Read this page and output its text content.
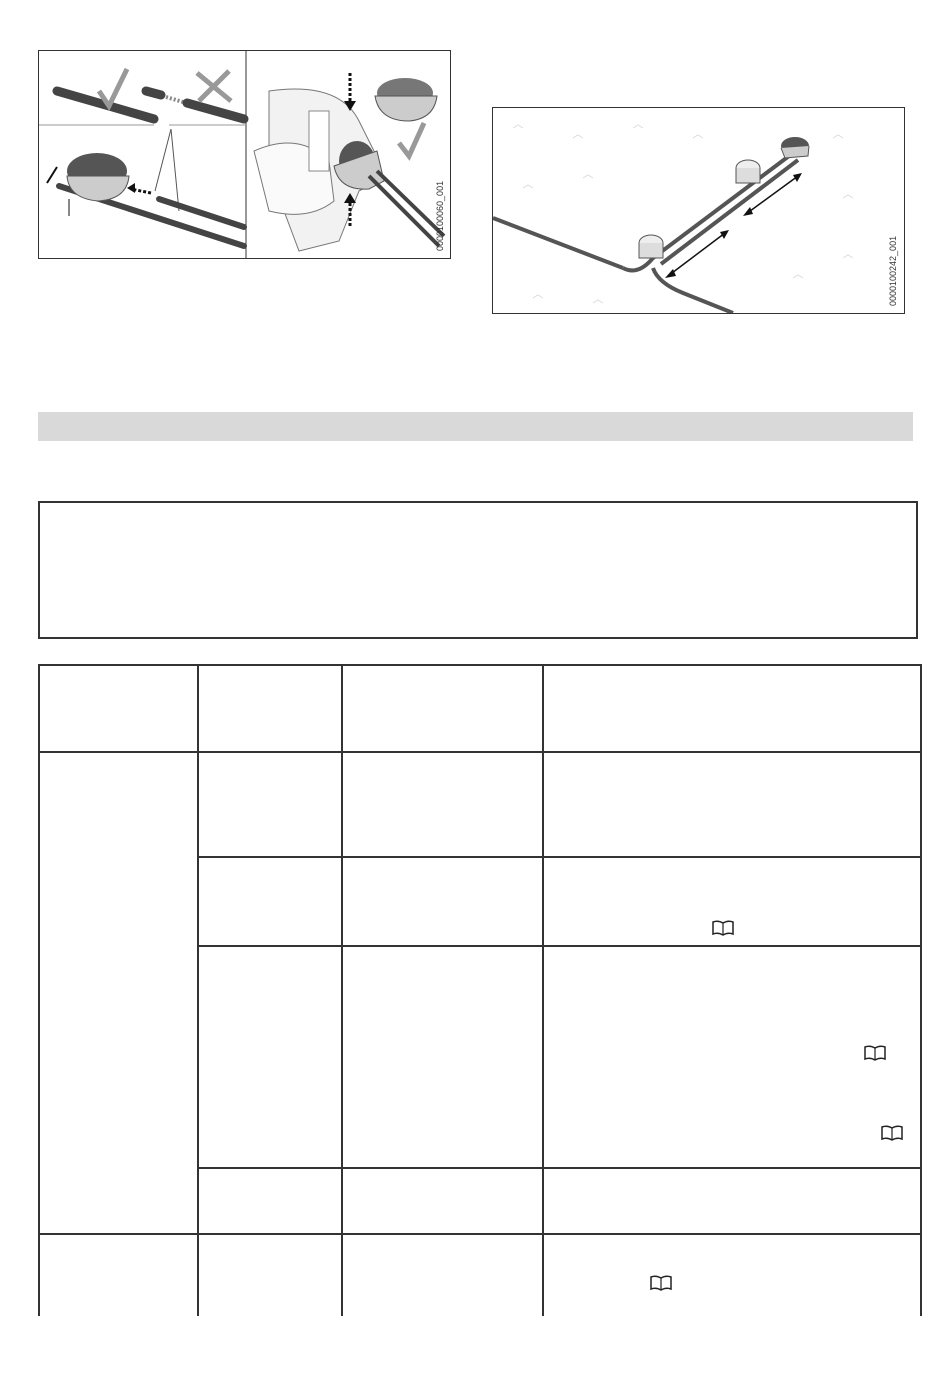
0000100060_001
0000100242_001
